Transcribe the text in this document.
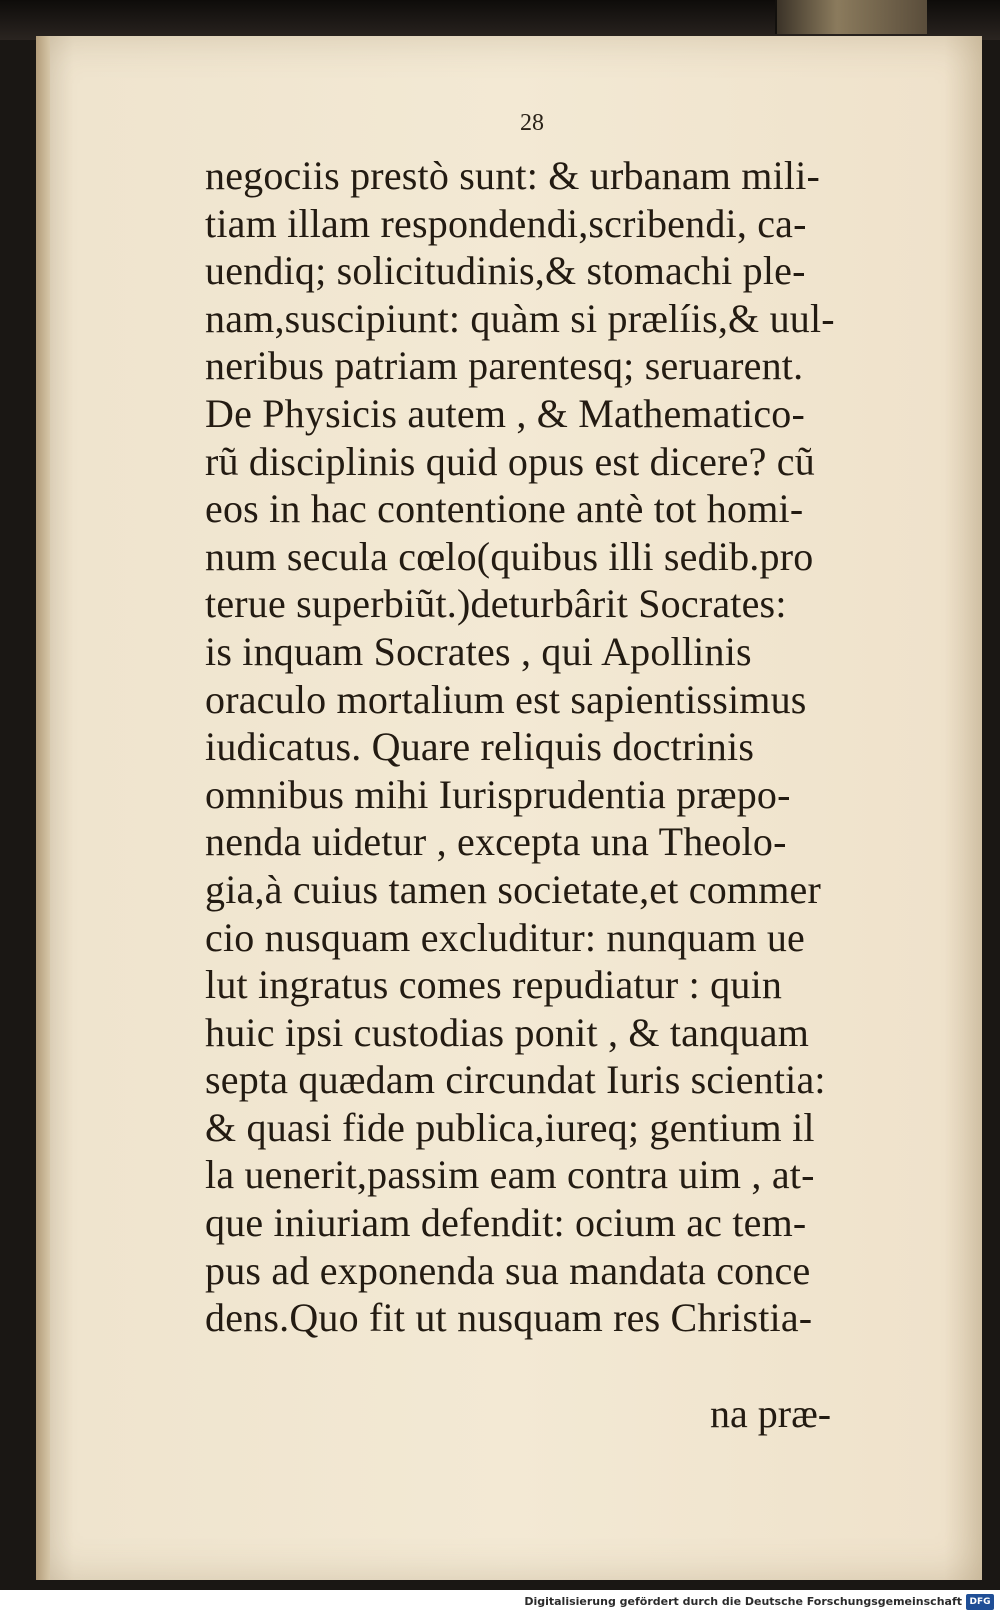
28
negociis prestò sunt: & urbanam mili-
tiam illam respondendi,scribendi, ca-
uendiq; solicitudinis,& stomachi ple-
nam,suscipiunt: quàm si prælíis,& uul-
neribus patriam parentesq; seruarent.
De Physicis autem , & Mathematico-
rũ disciplinis quid opus est dicere? cũ
eos in hac contentione antè tot homi-
num secula cœlo(quibus illi sedib.pro
terue superbiũt.)deturbârit Socrates:
is inquam Socrates , qui Apollinis
oraculo mortalium est sapientissimus
iudicatus. Quare reliquis doctrinis
omnibus mihi Iurisprudentia præpo-
nenda uidetur , excepta una Theolo-
gia,à cuius tamen societate,et commer
cio nusquam excluditur: nunquam ue
lut ingratus comes repudiatur : quin
huic ipsi custodias ponit , & tanquam
septa quædam circundat Iuris scientia:
& quasi fide publica,iureq; gentium il
la uenerit,passim eam contra uim , at-
que iniuriam defendit: ocium ac tem-
pus ad exponenda sua mandata conce
dens.Quo fit ut nusquam res Christia-
na præ-
Digitalisierung gefördert durch die Deutsche Forschungsgemeinschaft DFG
